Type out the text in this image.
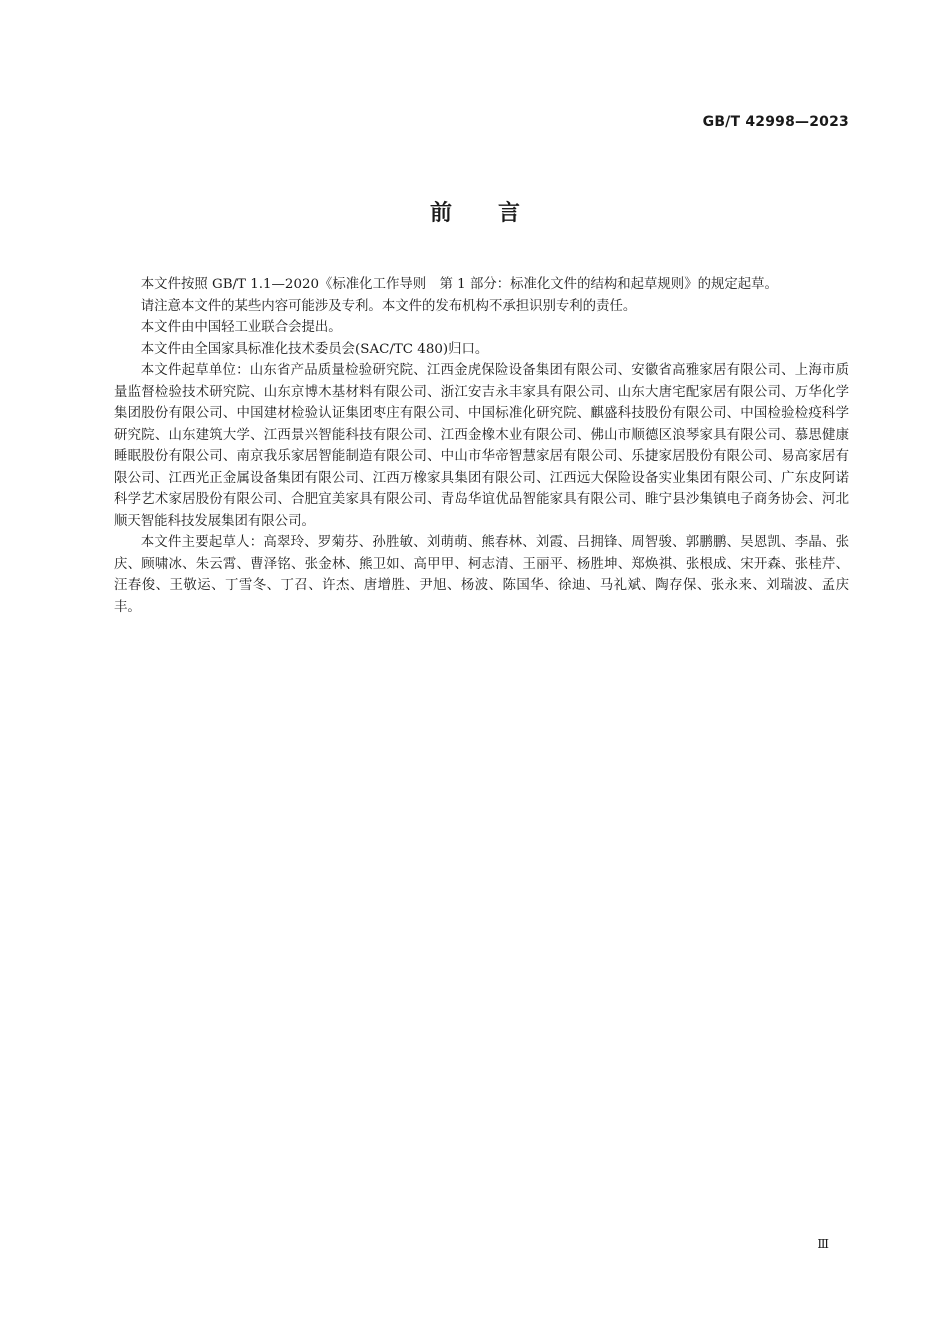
GB/T 42998—2023
前言

本文件按照 GB/T 1.1—2020《标准化工作导则　第 1 部分：标准化文件的结构和起草规则》的规定起草。

请注意本文件的某些内容可能涉及专利。本文件的发布机构不承担识别专利的责任。

本文件由中国轻工业联合会提出。

本文件由全国家具标准化技术委员会(SAC/TC 480)归口。

本文件起草单位：山东省产品质量检验研究院、江西金虎保险设备集团有限公司、安徽省高雅家居有限公司、上海市质量监督检验技术研究院、山东京博木基材料有限公司、浙江安吉永丰家具有限公司、山东大唐宅配家居有限公司、万华化学集团股份有限公司、中国建材检验认证集团枣庄有限公司、中国标准化研究院、麒盛科技股份有限公司、中国检验检疫科学研究院、山东建筑大学、江西景兴智能科技有限公司、江西金橡木业有限公司、佛山市顺德区浪琴家具有限公司、慕思健康睡眠股份有限公司、南京我乐家居智能制造有限公司、中山市华帝智慧家居有限公司、乐捷家居股份有限公司、易高家居有限公司、江西光正金属设备集团有限公司、江西万橡家具集团有限公司、江西远大保险设备实业集团有限公司、广东皮阿诺科学艺术家居股份有限公司、合肥宜美家具有限公司、青岛华谊优品智能家具有限公司、睢宁县沙集镇电子商务协会、河北顺天智能科技发展集团有限公司。

本文件主要起草人：高翠玲、罗菊芬、孙胜敏、刘萌萌、熊春林、刘霞、吕拥锋、周智骏、郭鹏鹏、吴恩凯、李晶、张庆、顾啸冰、朱云霄、曹泽铭、张金林、熊卫如、高甲甲、柯志清、王丽平、杨胜坤、郑焕祺、张根成、宋开森、张桂芹、汪春俊、王敬运、丁雪冬、丁召、许杰、唐增胜、尹旭、杨波、陈国华、徐迪、马礼斌、陶存保、张永来、刘瑞波、孟庆丰。

Ⅲ
